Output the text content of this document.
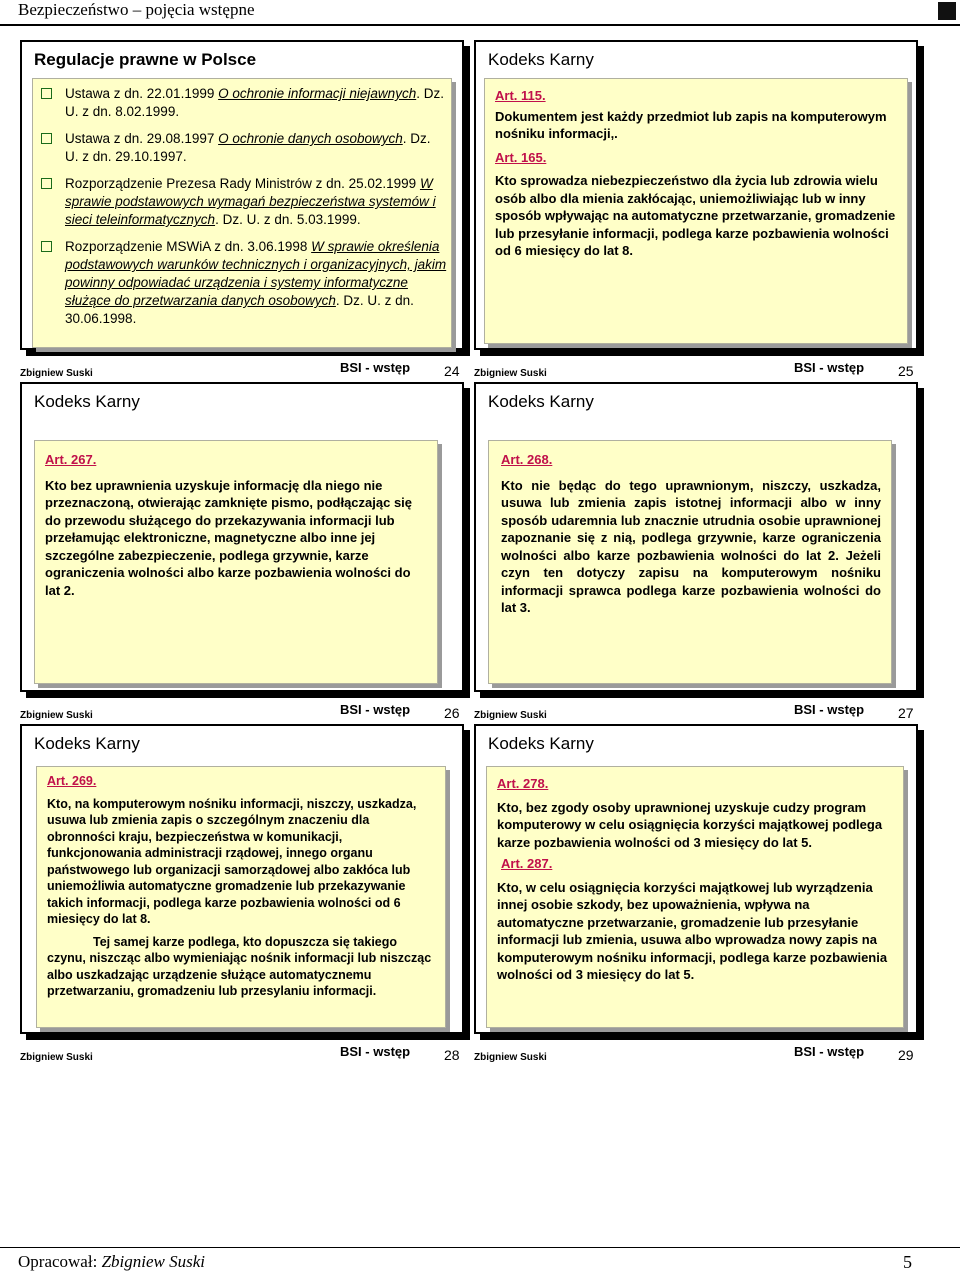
Bezpieczeństwo – pojęcia wstępne
Regulacje prawne w Polsce
Ustawa z dn. 22.01.1999 O ochronie informacji niejawnych. Dz. U. z dn. 8.02.1999.
Ustawa z dn. 29.08.1997 O ochronie danych osobowych. Dz. U. z dn. 29.10.1997.
Rozporządzenie Prezesa Rady Ministrów z dn. 25.02.1999 W sprawie podstawowych wymagań bezpieczeństwa systemów i sieci teleinformatycznych. Dz. U. z dn. 5.03.1999.
Rozporządzenie MSWiA z dn. 3.06.1998 W sprawie określenia podstawowych warunków technicznych i organizacyjnych, jakim powinny odpowiadać urządzenia i systemy informatyczne służące do przetwarzania danych osobowych. Dz. U. z dn. 30.06.1998.
Zbigniew Suski	BSI - wstęp 24
Kodeks Karny

Art. 115.

Dokumentem jest każdy przedmiot lub zapis na komputerowym nośniku informacji,.

Art. 165.

Kto sprowadza niebezpieczeństwo dla życia lub zdrowia wielu osób albo dla mienia zakłócając, uniemożliwiając lub w inny sposób wpływając na automatyczne przetwarzanie, gromadzenie lub przesyłanie informacji, podlega karze pozbawienia wolności od 6 miesięcy do lat 8.

Zbigniew Suski	BSI - wstęp 25
Kodeks Karny

Art. 267.

Kto bez uprawnienia uzyskuje informację dla niego nie przeznaczoną, otwierając zamknięte pismo, podłączając się do przewodu służącego do przekazywania informacji lub przełamując elektroniczne, magnetyczne albo inne jej szczególne zabezpieczenie, podlega grzywnie, karze ograniczenia wolności albo karze pozbawienia wolności do lat 2.

Zbigniew Suski	BSI - wstęp 26
Kodeks Karny

Art. 268.

Kto nie będąc do tego uprawnionym, niszczy, uszkadza, usuwa lub zmienia zapis istotnej informacji albo w inny sposób udaremnia lub znacznie utrudnia osobie uprawnionej zapoznanie się z nią, podlega grzywnie, karze ograniczenia wolności albo karze pozbawienia wolności do lat 2. Jeżeli czyn ten dotyczy zapisu na komputerowym nośniku informacji sprawca podlega karze pozbawienia wolności do lat 3.

Zbigniew Suski	BSI - wstęp 27
Kodeks Karny

Art. 269.

Kto, na komputerowym nośniku informacji, niszczy, uszkadza, usuwa lub zmienia zapis o szczególnym znaczeniu dla obronności kraju, bezpieczeństwa w komunikacji, funkcjonowania administracji rządowej, innego organu państwowego lub organizacji samorządowej albo zakłóca lub uniemożliwia automatyczne gromadzenie lub przekazywanie takich informacji, podlega karze pozbawienia wolności od 6 miesięcy do lat 8.

Tej samej karze podlega, kto dopuszcza się takiego czynu, niszcząc albo wymieniając nośnik informacji lub niszcząc albo uszkadzając urządzenie służące automatycznemu przetwarzaniu, gromadzeniu lub przesylaniu informacji.

Zbigniew Suski	BSI - wstęp 28
Kodeks Karny

Art. 278.

Kto, bez zgody osoby uprawnionej uzyskuje cudzy program komputerowy w celu osiągnięcia korzyści majątkowej podlega karze pozbawienia wolności od 3 miesięcy do lat 5.

Art. 287.

Kto, w celu osiągnięcia korzyści majątkowej lub wyrządzenia innej osobie szkody, bez upoważnienia, wpływa na automatyczne przetwarzanie, gromadzenie lub przesyłanie informacji lub zmienia, usuwa albo wprowadza nowy zapis na komputerowym nośniku informacji, podlega karze pozbawienia wolności od 3 miesięcy do lat 5.

Zbigniew Suski	BSI - wstęp 29
Opracował: Zbigniew Suski	5
